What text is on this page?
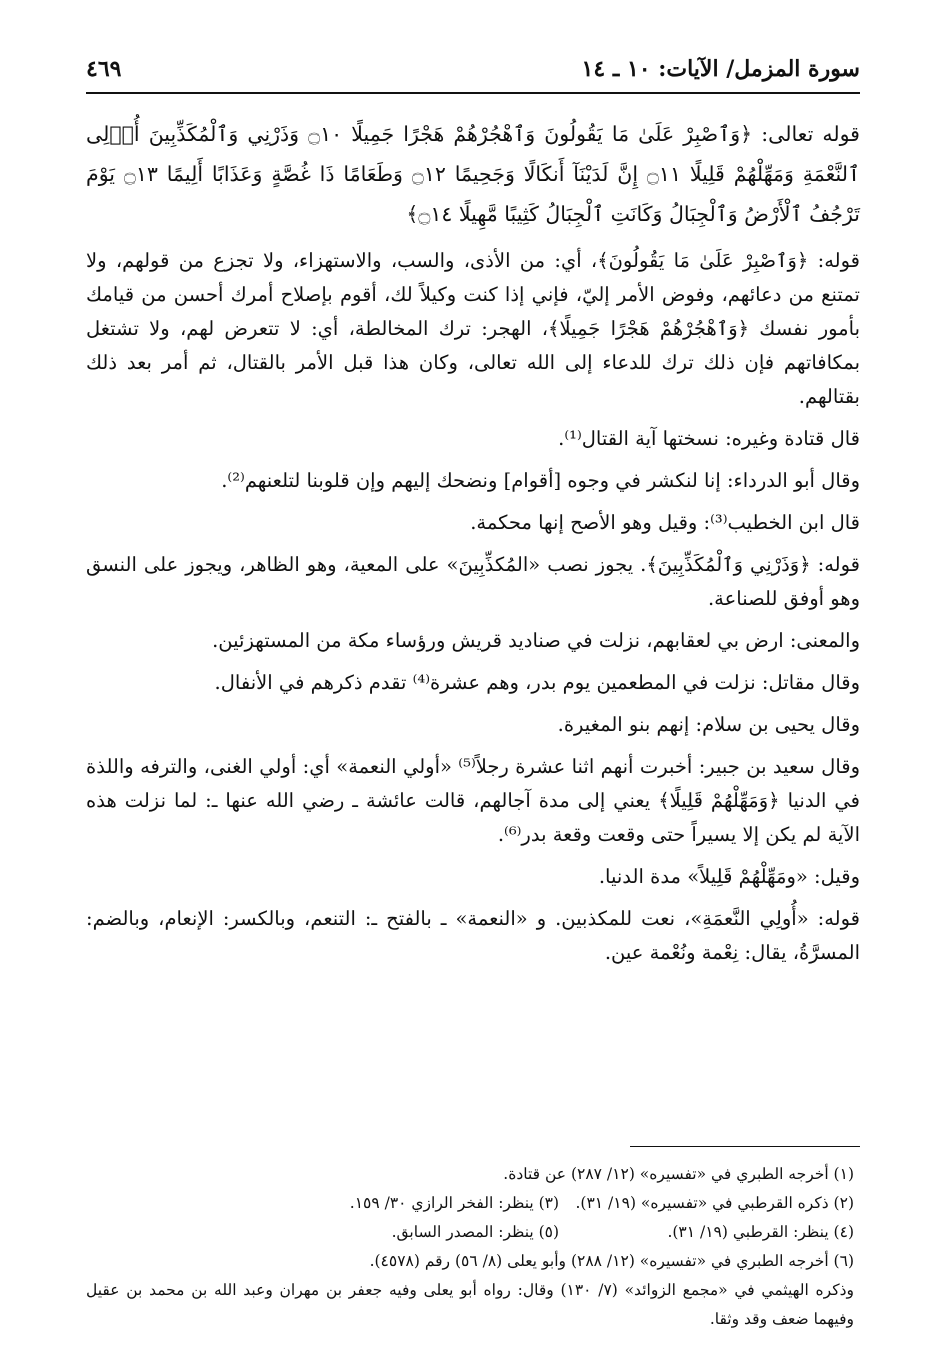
سورة المزمل/ الآيات: ١٠ ـ ١٤
٤٦٩

قوله تعالى: ﴿وَٱصْبِرْ عَلَىٰ مَا يَقُولُونَ وَٱهْجُرْهُمْ هَجْرًا جَمِيلًا ۝١٠ وَذَرْنِي وَٱلْمُكَذِّبِينَ أُو۟لِى ٱلنَّعْمَةِ وَمَهِّلْهُمْ قَلِيلًا ۝١١ إِنَّ لَدَيْنَآ أَنكَالًا وَجَحِيمًا ۝١٢ وَطَعَامًا ذَا غُصَّةٍ وَعَذَابًا أَلِيمًا ۝١٣ يَوْمَ تَرْجُفُ ٱلْأَرْضُ وَٱلْجِبَالُ وَكَانَتِ ٱلْجِبَالُ كَثِيبًا مَّهِيلًا ۝١٤﴾

قوله: ﴿وَٱصْبِرْ عَلَىٰ مَا يَقُولُونَ﴾، أي: من الأذى، والسب، والاستهزاء، ولا تجزع من قولهم، ولا تمتنع من دعائهم، وفوض الأمر إليّ، فإني إذا كنت وكيلاً لك، أقوم بإصلاح أمرك أحسن من قيامك بأمور نفسك ﴿وَٱهْجُرْهُمْ هَجْرًا جَمِيلًا﴾، الهجر: ترك المخالطة، أي: لا تتعرض لهم، ولا تشتغل بمكافاتهم فإن ذلك ترك للدعاء إلى الله تعالى، وكان هذا قبل الأمر بالقتال، ثم أمر بعد ذلك بقتالهم.

قال قتادة وغيره: نسختها آية القتال⁽¹⁾.

وقال أبو الدرداء: إنا لنكشر في وجوه [أقوام] ونضحك إليهم وإن قلوبنا لتلعنهم⁽²⁾.

قال ابن الخطيب⁽³⁾: وقيل وهو الأصح إنها محكمة.

قوله: ﴿وَذَرْنِي وَٱلْمُكَذِّبِينَ﴾. يجوز نصب «المُكذِّبِينَ» على المعية، وهو الظاهر، ويجوز على النسق وهو أوفق للصناعة.

والمعنى: ارض بي لعقابهم، نزلت في صناديد قريش ورؤساء مكة من المستهزئين.

وقال مقاتل: نزلت في المطعمين يوم بدر، وهم عشرة⁽⁴⁾ تقدم ذكرهم في الأنفال.

وقال يحيى بن سلام: إنهم بنو المغيرة.

وقال سعيد بن جبير: أخبرت أنهم اثنا عشرة رجلاً⁽⁵⁾ «أولي النعمة» أي: أولي الغنى، والترفه واللذة في الدنيا ﴿وَمَهِّلْهُمْ قَلِيلًا﴾ يعني إلى مدة آجالهم، قالت عائشة ـ رضي الله عنها ـ: لما نزلت هذه الآية لم يكن إلا يسيراً حتى وقعت وقعة بدر⁽⁶⁾.

وقيل: «ومَهِّلْهُمْ قَلِيلاً» مدة الدنيا.

قوله: «أُولِي النَّعمَةِ»، نعت للمكذبين. و «النعمة» ـ بالفتح ـ: التنعم، وبالكسر: الإنعام، وبالضم: المسرَّةُ، يقال: نِعْمة ونُعْمة عين.

(١) أخرجه الطبري في «تفسيره» (١٢/ ٢٨٧) عن قتادة.
(٢) ذكره القرطبي في «تفسيره» (١٩/ ٣١). (٣) ينظر: الفخر الرازي ٣٠/ ١٥٩.
(٤) ينظر: القرطبي (١٩/ ٣١). (٥) ينظر: المصدر السابق.
(٦) أخرجه الطبري في «تفسيره» (١٢/ ٢٨٨) وأبو يعلى (٨/ ٥٦) رقم (٤٥٧٨).
وذكره الهيثمي في «مجمع الزوائد» (٧/ ١٣٠) وقال: رواه أبو يعلى وفيه جعفر بن مهران وعبد الله بن محمد بن عقيل وفيهما ضعف وقد وثقا.
